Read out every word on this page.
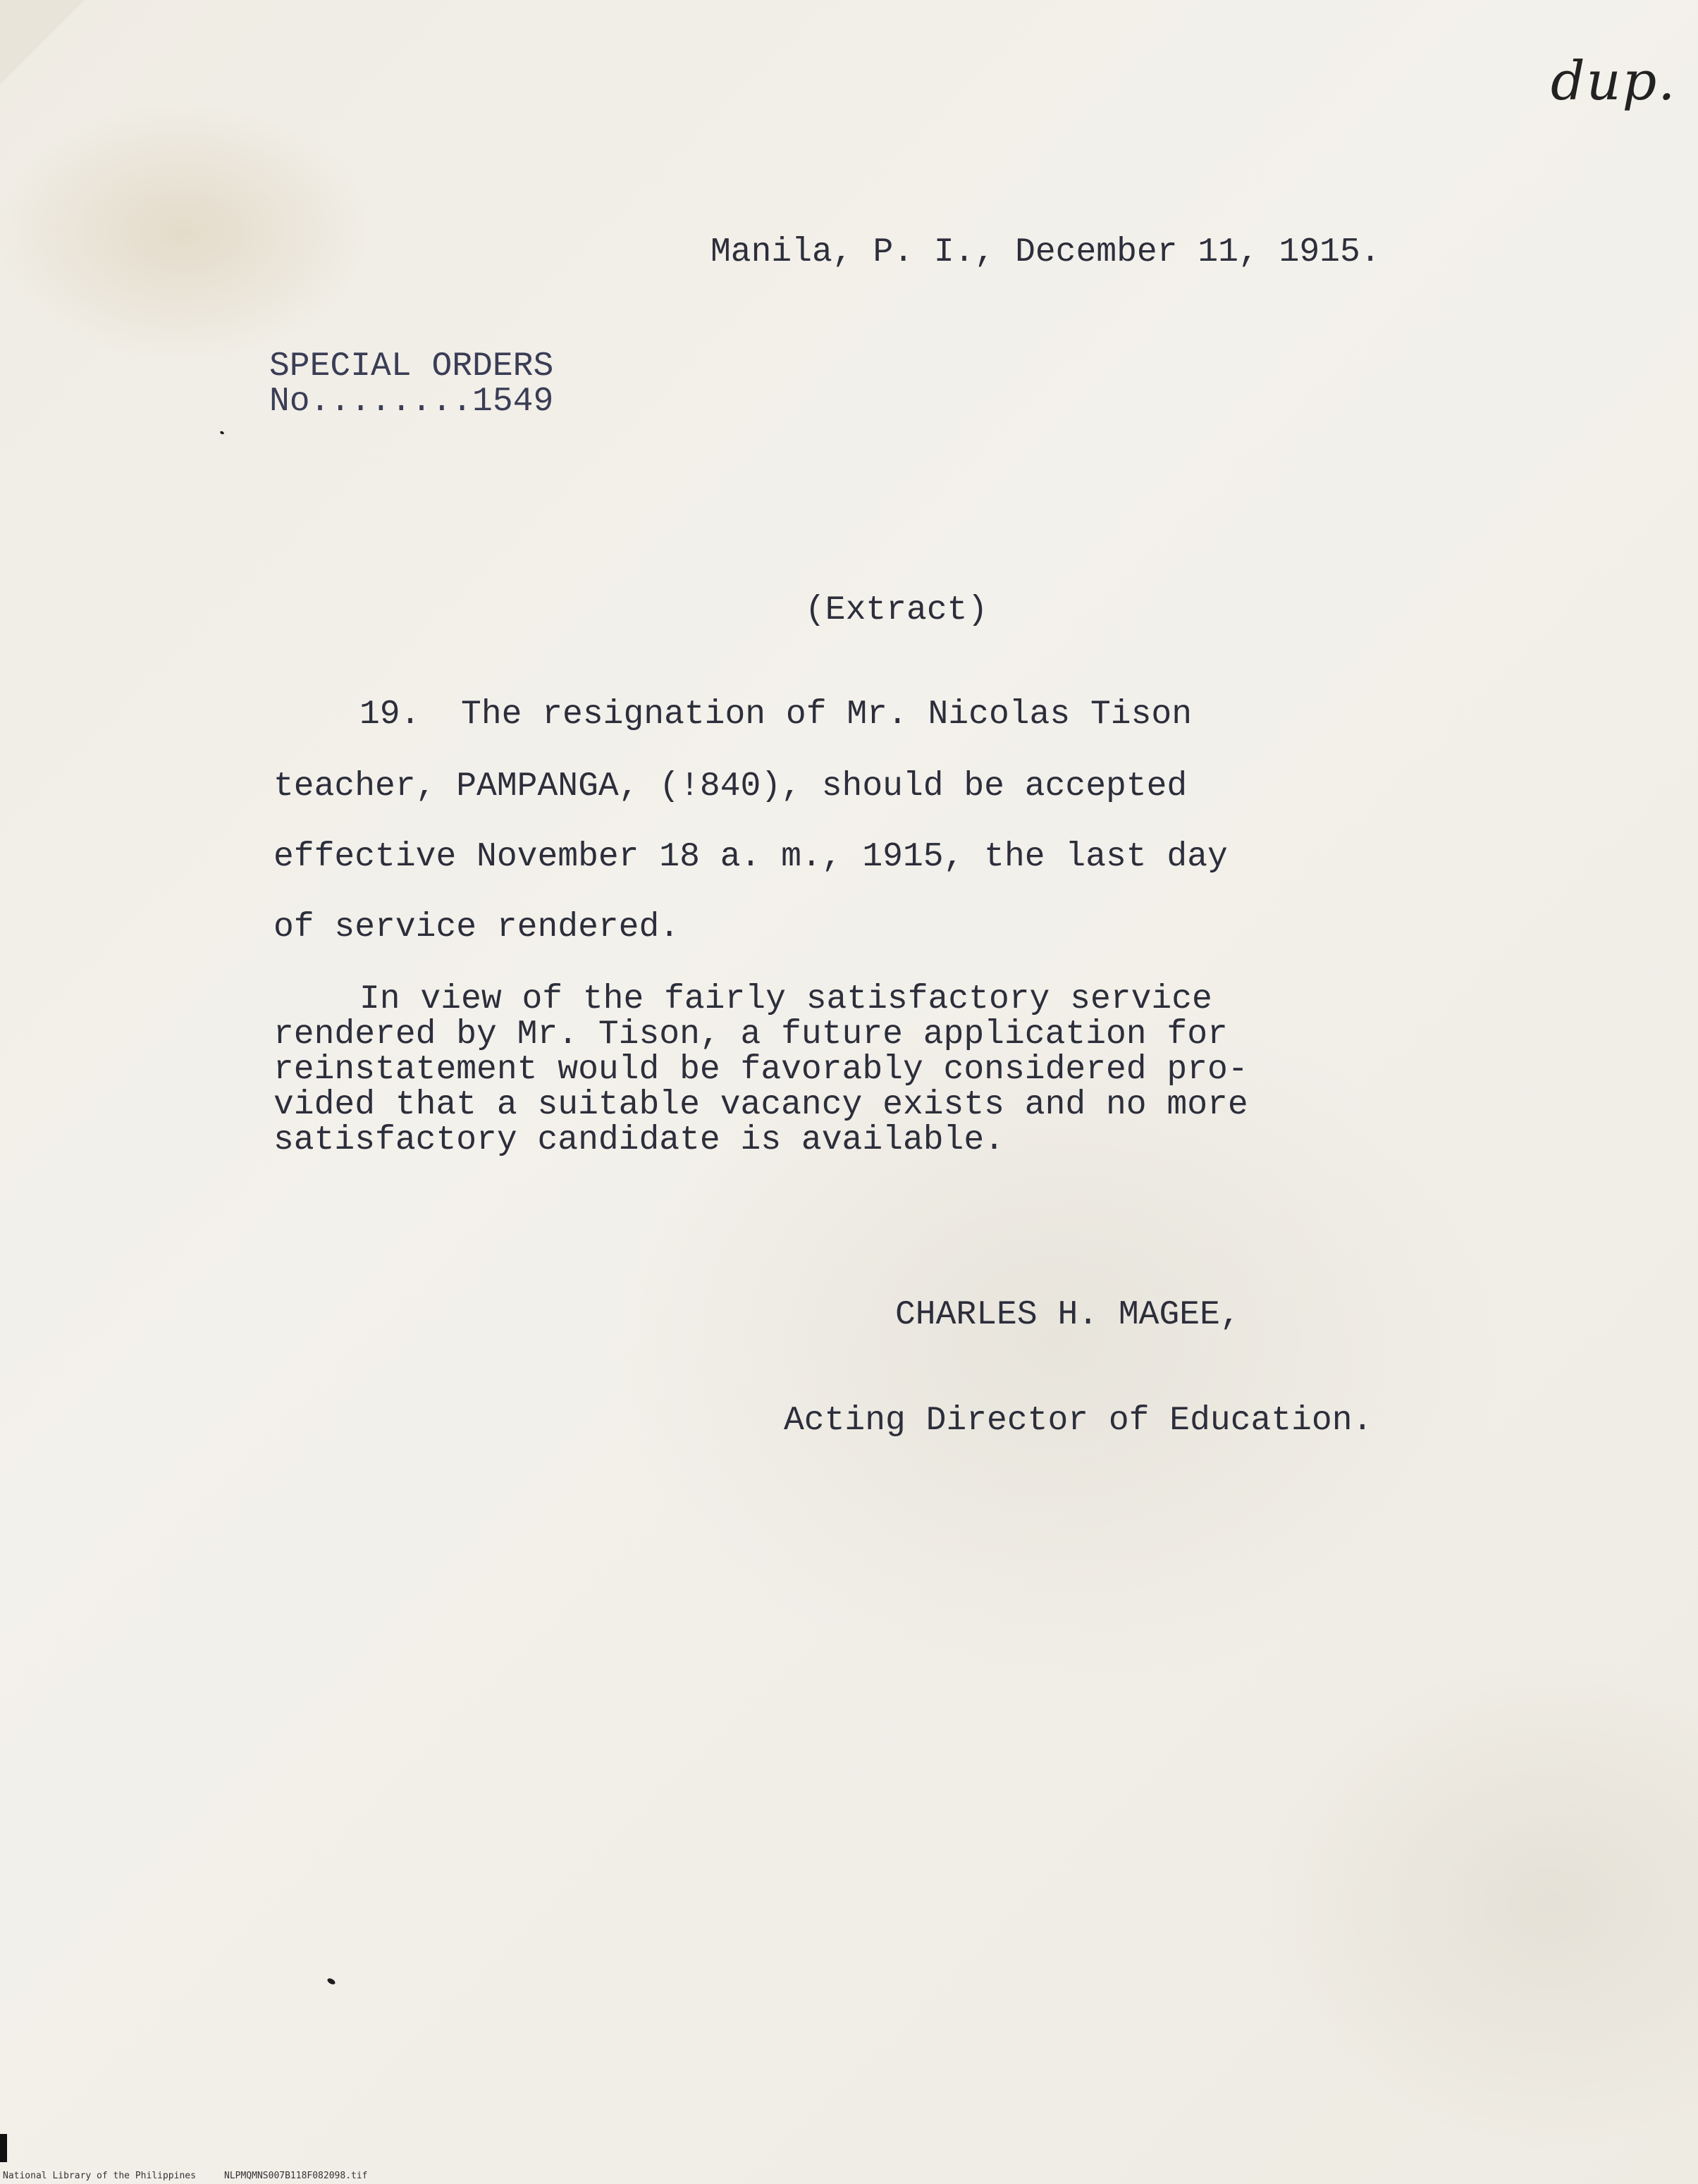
dup.
Manila, P. I., December 11, 1915.
SPECIAL ORDERS
No........1549
(Extract)
19.  The resignation of Mr. Nicolas Tison
teacher, PAMPANGA, (!840), should be accepted
effective November 18 a. m., 1915, the last day
of service rendered.
In view of the fairly satisfactory service
rendered by Mr. Tison, a future application for
reinstatement would be favorably considered pro-
vided that a suitable vacancy exists and no more
satisfactory candidate is available.
CHARLES H. MAGEE,
Acting Director of Education.
National Library of the Philippines	NLPMQMNS007B118F082098.tif
